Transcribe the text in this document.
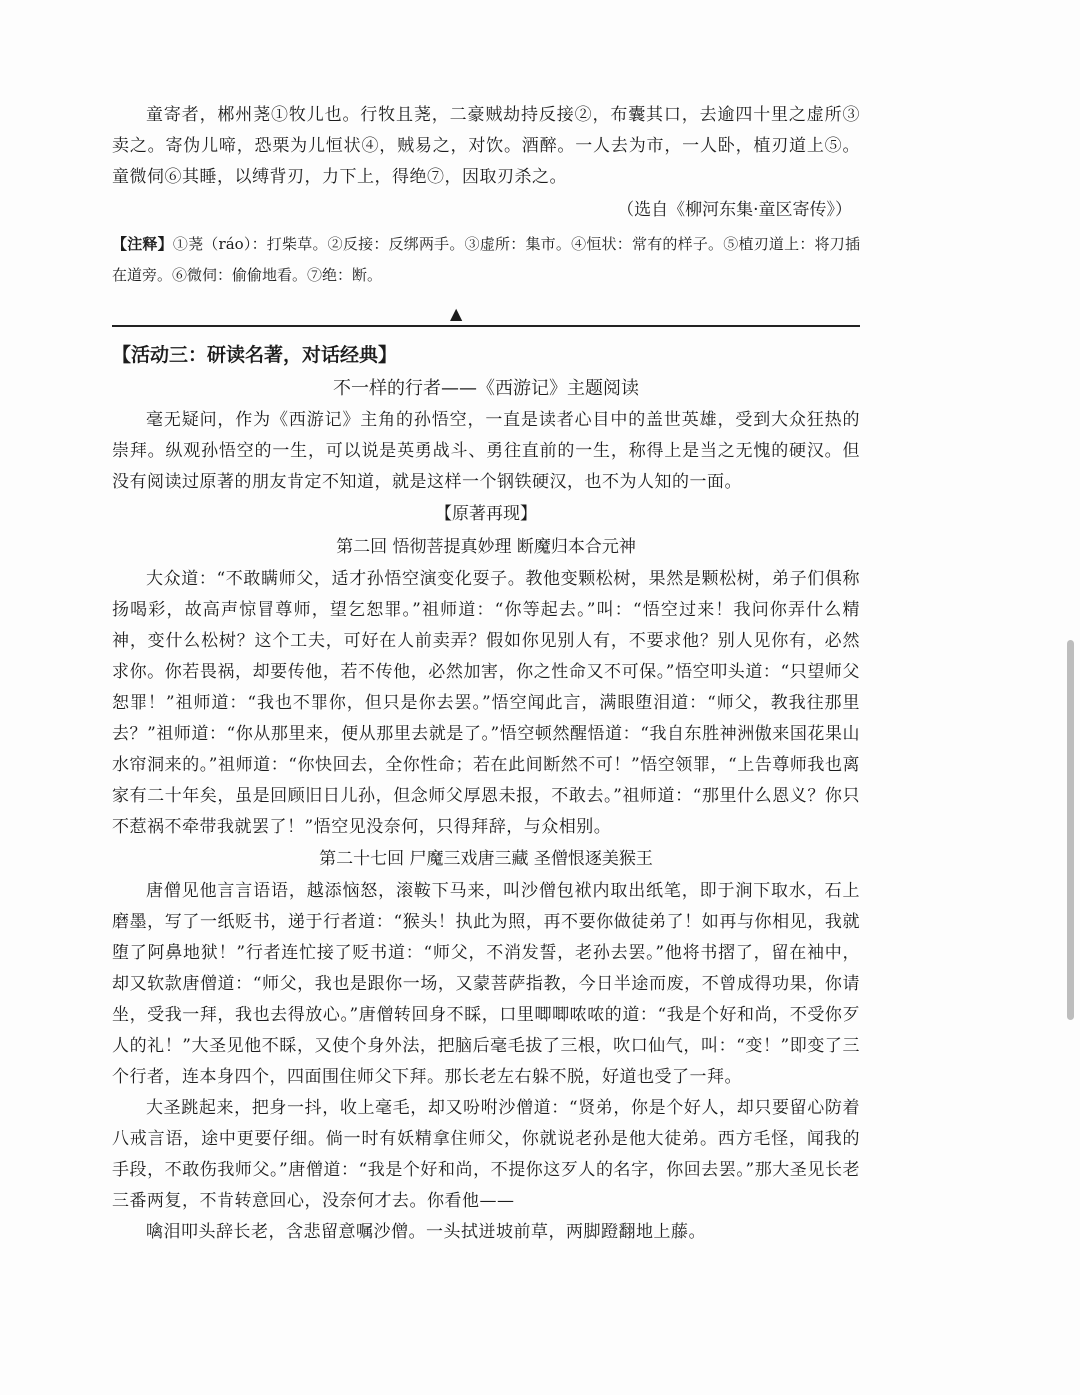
童寄者，郴州荛①牧儿也。行牧且荛，二豪贼劫持反接②，布囊其口，去逾四十里之虚所③卖之。寄伪儿啼，恐栗为儿恒状④，贼易之，对饮。酒醉。一人去为市，一人卧，植刃道上⑤。童微伺⑥其睡，以缚背刃，力下上，得绝⑦，因取刃杀之。

（选自《柳河东集·童区寄传》）

【注释】①荛（ráo）：打柴草。②反接：反绑两手。③虚所：集市。④恒状：常有的样子。⑤植刃道上：将刀插在道旁。⑥微伺：偷偷地看。⑦绝：断。

▲

【活动三：研读名著，对话经典】

不一样的行者——《西游记》主题阅读

毫无疑问，作为《西游记》主角的孙悟空，一直是读者心目中的盖世英雄，受到大众狂热的崇拜。纵观孙悟空的一生，可以说是英勇战斗、勇往直前的一生，称得上是当之无愧的硬汉。但没有阅读过原著的朋友肯定不知道，就是这样一个钢铁硬汉，也不为人知的一面。

【原著再现】

第二回 悟彻菩提真妙理 断魔归本合元神

大众道：“不敢瞒师父，适才孙悟空演变化耍子。教他变颗松树，果然是颗松树，弟子们俱称扬喝彩，故高声惊冒尊师，望乞恕罪。”祖师道：“你等起去。”叫：“悟空过来！我问你弄什么精神，变什么松树？这个工夫，可好在人前卖弄？假如你见别人有，不要求他？别人见你有，必然求你。你若畏祸，却要传他，若不传他，必然加害，你之性命又不可保。”悟空叩头道：“只望师父恕罪！”祖师道：“我也不罪你，但只是你去罢。”悟空闻此言，满眼堕泪道：“师父，教我往那里去？”祖师道：“你从那里来，便从那里去就是了。”悟空顿然醒悟道：“我自东胜神洲傲来国花果山水帘洞来的。”祖师道：“你快回去，全你性命；若在此间断然不可！”悟空领罪，“上告尊师我也离家有二十年矣，虽是回顾旧日儿孙，但念师父厚恩未报，不敢去。”祖师道：“那里什么恩义？你只不惹祸不牵带我就罢了！”悟空见没奈何，只得拜辞，与众相别。

第二十七回 尸魔三戏唐三藏 圣僧恨逐美猴王

唐僧见他言言语语，越添恼怒，滚鞍下马来，叫沙僧包袱内取出纸笔，即于涧下取水，石上磨墨，写了一纸贬书，递于行者道：“猴头！执此为照，再不要你做徒弟了！如再与你相见，我就堕了阿鼻地狱！”行者连忙接了贬书道：“师父，不消发誓，老孙去罢。”他将书摺了，留在袖中，却又软款唐僧道：“师父，我也是跟你一场，又蒙菩萨指教，今日半途而废，不曾成得功果，你请坐，受我一拜，我也去得放心。”唐僧转回身不睬，口里唧唧哝哝的道：“我是个好和尚，不受你歹人的礼！”大圣见他不睬，又使个身外法，把脑后毫毛拔了三根，吹口仙气，叫：“变！”即变了三个行者，连本身四个，四面围住师父下拜。那长老左右躲不脱，好道也受了一拜。

大圣跳起来，把身一抖，收上毫毛，却又吩咐沙僧道：“贤弟，你是个好人，却只要留心防着八戒言语，途中更要仔细。倘一时有妖精拿住师父，你就说老孙是他大徒弟。西方毛怪，闻我的手段，不敢伤我师父。”唐僧道：“我是个好和尚，不提你这歹人的名字，你回去罢。”那大圣见长老三番两复，不肯转意回心，没奈何才去。你看他——

噙泪叩头辞长老，含悲留意嘱沙僧。一头拭迸坡前草，两脚蹬翻地上藤。
